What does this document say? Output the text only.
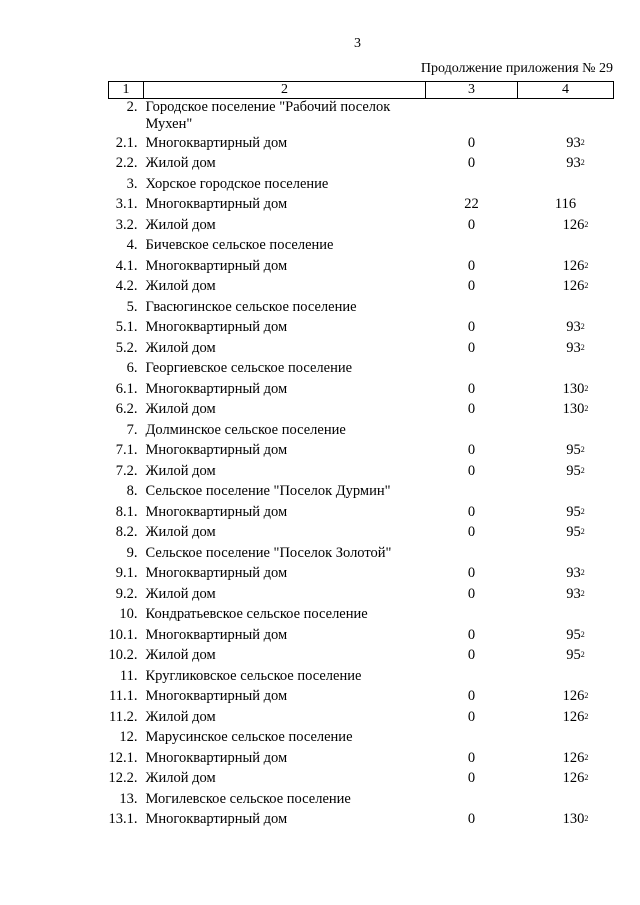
3
Продолжение приложения № 29
1	2	3	4
2.	Городское поселение "Рабочий поселок Мухен"		
2.1.	Многоквартирный дом	0	$93^2$
2.2.	Жилой дом	0	$93^2$
3.	Хорское городское поселение		
3.1.	Многоквартирный дом	22	116
3.2.	Жилой дом	0	$126^2$
4.	Бичевское сельское поселение		
4.1.	Многоквартирный дом	0	$126^2$
4.2.	Жилой дом	0	$126^2$
5.	Гвасюгинское сельское поселение		
5.1.	Многоквартирный дом	0	$93^2$
5.2.	Жилой дом	0	$93^2$
6.	Георгиевское сельское поселение		
6.1.	Многоквартирный дом	0	$130^2$
6.2.	Жилой дом	0	$130^2$
7.	Долминское сельское поселение		
7.1.	Многоквартирный дом	0	$95^2$
7.2.	Жилой дом	0	$95^2$
8.	Сельское поселение "Поселок Дурмин"		
8.1.	Многоквартирный дом	0	$95^2$
8.2.	Жилой дом	0	$95^2$
9.	Сельское поселение "Поселок Золотой"		
9.1.	Многоквартирный дом	0	$93^2$
9.2.	Жилой дом	0	$93^2$
10.	Кондратьевское сельское поселение		
10.1.	Многоквартирный дом	0	$95^2$
10.2.	Жилой дом	0	$95^2$
11.	Кругликовское сельское поселение		
11.1.	Многоквартирный дом	0	$126^2$
11.2.	Жилой дом	0	$126^2$
12.	Марусинское сельское поселение		
12.1.	Многоквартирный дом	0	$126^2$
12.2.	Жилой дом	0	$126^2$
13.	Могилевское сельское поселение		
13.1.	Многоквартирный дом	0	$130^2$
